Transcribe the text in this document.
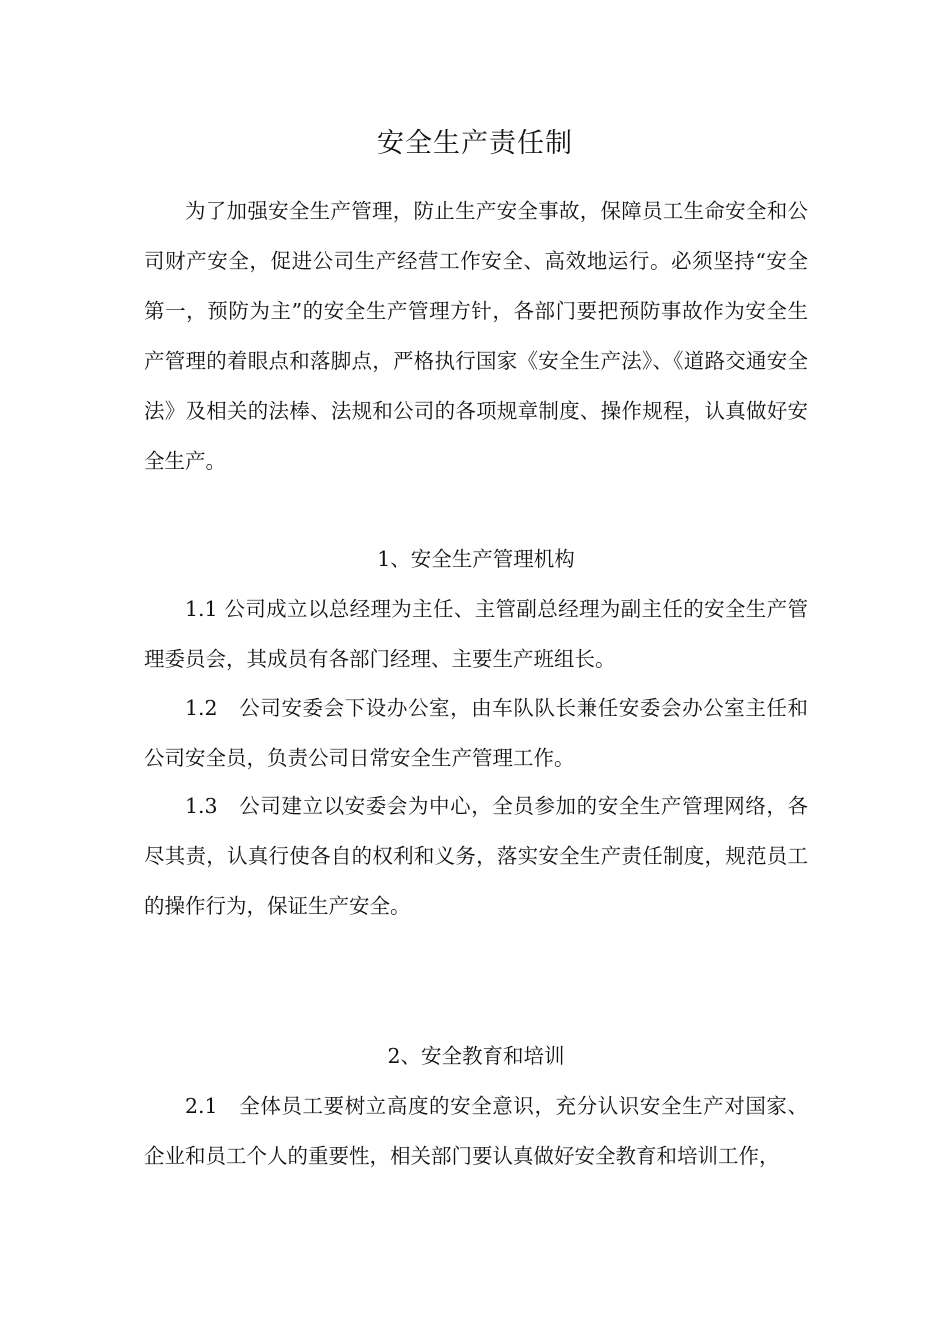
安全生产责任制

为了加强安全生产管理，防止生产安全事故，保障员工生命安全和公司财产安全，促进公司生产经营工作安全、高效地运行。必须坚持“安全第一，预防为主”的安全生产管理方针，各部门要把预防事故作为安全生产管理的着眼点和落脚点，严格执行国家《安全生产法》、《道路交通安全法》及相关的法棒、法规和公司的各项规章制度、操作规程，认真做好安全生产。

1、安全生产管理机构

1.1 公司成立以总经理为主任、主管副总经理为副主任的安全生产管理委员会，其成员有各部门经理、主要生产班组长。

1.2　公司安委会下设办公室，由车队队长兼任安委会办公室主任和公司安全员，负责公司日常安全生产管理工作。

1.3　公司建立以安委会为中心，全员参加的安全生产管理网络，各尽其责，认真行使各自的权利和义务，落实安全生产责任制度，规范员工的操作行为，保证生产安全。

2、安全教育和培训

2.1　全体员工要树立高度的安全意识，充分认识安全生产对国家、企业和员工个人的重要性，相关部门要认真做好安全教育和培训工作，
